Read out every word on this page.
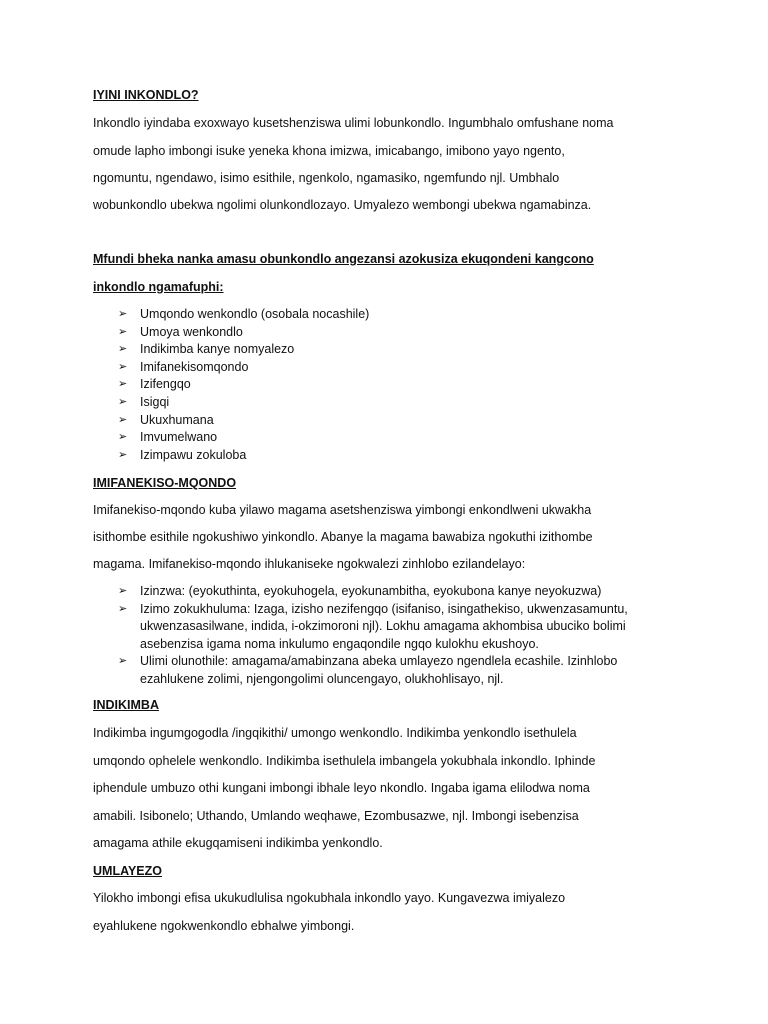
IYINI INKONDLO?

Inkondlo iyindaba exoxwayo kusetshenziswa ulimi lobunkondlo. Ingumbhalo omfushane noma

omude lapho imbongi isuke yeneka khona imizwa, imicabango, imibono yayo ngento,

ngomuntu, ngendawo, isimo esithile, ngenkolo, ngamasiko, ngemfundo njl. Umbhalo

wobunkondlo ubekwa ngolimi olunkondlozayo. Umyalezo wembongi ubekwa ngamabinza.

Mfundi bheka nanka amasu obunkondlo angezansi azokusiza ekuqondeni kangcono

inkondlo ngamafuphi:

➢ Umqondo wenkondlo (osobala nocashile)
➢ Umoya wenkondlo
➢ Indikimba kanye nomyalezo
➢ Imifanekisomqondo
➢ Izifengqo
➢ Isigqi
➢ Ukuxhumana
➢ Imvumelwano
➢ Izimpawu zokuloba

IMIFANEKISO-MQONDO

Imifanekiso-mqondo kuba yilawo magama asetshenziswa yimbongi enkondlweni ukwakha

isithombe esithile ngokushiwo yinkondlo. Abanye la magama bawabiza ngokuthi izithombe

magama. Imifanekiso-mqondo ihlukaniseke ngokwalezi zinhlobo ezilandelayo:

➢ Izinzwa: (eyokuthinta, eyokuhogela, eyokunambitha, eyokubona kanye neyokuzwa)
➢ Izimo zokukhuluma: Izaga, izisho nezifengqo (isifaniso, isingathekiso, ukwenzasamuntu, ukwenzasasilwane, indida, i-okzimoroni njl). Lokhu amagama akhombisa ubuciko bolimi asebenzisa igama noma inkulumo engaqondile ngqo kulokhu ekushoyo.
➢ Ulimi olunothile: amagama/amabinzana abeka umlayezo ngendlela ecashile. Izinhlobo ezahlukene zolimi, njengongolimi oluncengayo, olukhohlisayo, njl.

INDIKIMBA

Indikimba ingumgogodla /ingqikithi/ umongo wenkondlo. Indikimba yenkondlo isethulela

umqondo ophelele wenkondlo. Indikimba isethulela imbangela yokubhala inkondlo. Iphinde

iphendule umbuzo othi kungani imbongi ibhale leyo nkondlo. Ingaba igama elilodwa noma

amabili. Isibonelo; Uthando, Umlando weqhawe, Ezombusazwe, njl. Imbongi isebenzisa

amagama athile ekugqamiseni indikimba yenkondlo.

UMLAYEZO

Yilokho imbongi efisa ukukudlulisa ngokubhala inkondlo yayo. Kungavezwa imiyalezo

eyahlukene ngokwenkondlo ebhalwe yimbongi.
